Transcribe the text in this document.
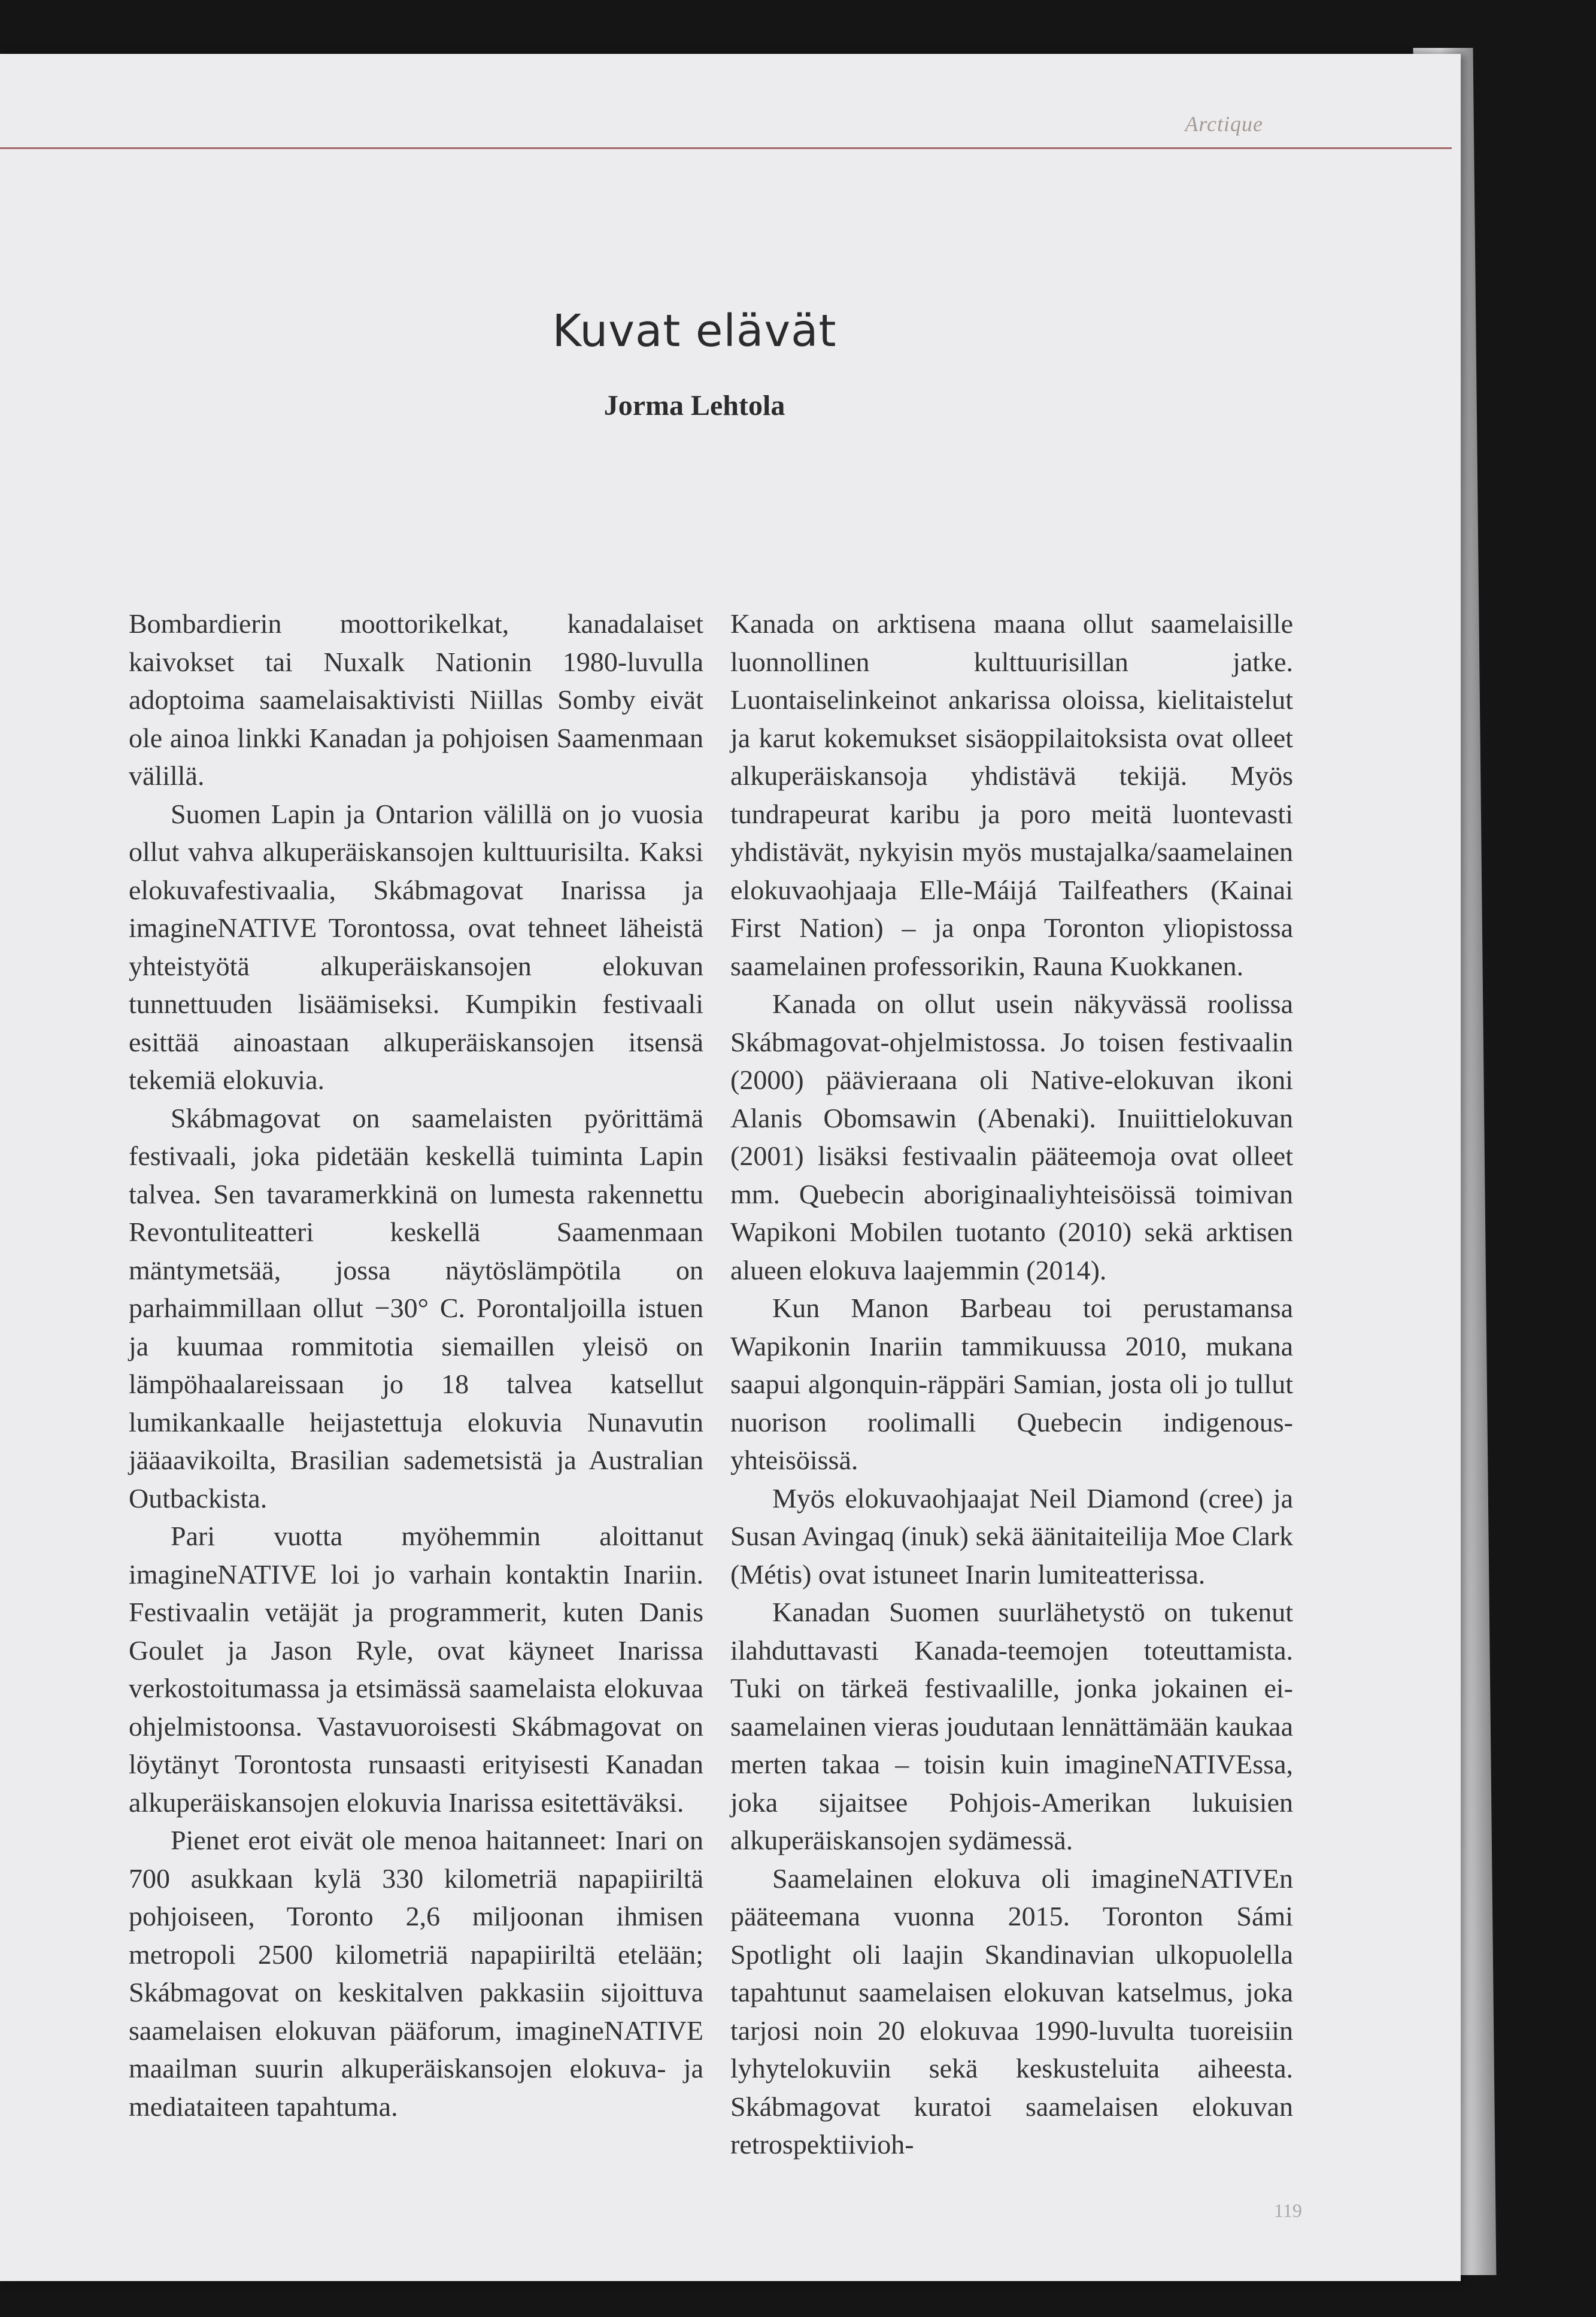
Arctique
Kuvat elävät
Jorma Lehtola

Bombardierin moottorikelkat, kanadalaiset kaivokset tai Nuxalk Nationin 1980-luvulla adoptoima saamelaisaktivisti Niillas Somby eivät ole ainoa linkki Kanadan ja pohjoisen Saamenmaan välillä.

Suomen Lapin ja Ontarion välillä on jo vuosia ollut vahva alkuperäiskansojen kulttuurisilta. Kaksi elokuvafestivaalia, Skábmagovat Inarissa ja imagineNATIVE Torontossa, ovat tehneet läheistä yhteistyötä alkuperäiskansojen elokuvan tunnettuuden lisäämiseksi. Kumpikin festivaali esittää ainoastaan alkuperäiskansojen itsensä tekemiä elokuvia.

Skábmagovat on saamelaisten pyörittämä festivaali, joka pidetään keskellä tuiminta Lapin talvea. Sen tavaramerkkinä on lumesta rakennettu Revontuliteatteri keskellä Saamenmaan mäntymetsää, jossa näytöslämpötila on parhaimmillaan ollut −30° C. Porontaljoilla istuen ja kuumaa rommitotia siemaillen yleisö on lämpöhaalareissaan jo 18 talvea katsellut lumikankaalle heijastettuja elokuvia Nunavutin jääaavikoilta, Brasilian sademetsistä ja Australian Outbackista.

Pari vuotta myöhemmin aloittanut imagineNATIVE loi jo varhain kontaktin Inariin. Festivaalin vetäjät ja programmerit, kuten Danis Goulet ja Jason Ryle, ovat käyneet Inarissa verkostoitumassa ja etsimässä saamelaista elokuvaa ohjelmistoonsa. Vastavuoroisesti Skábmagovat on löytänyt Torontosta runsaasti erityisesti Kanadan alkuperäiskansojen elokuvia Inarissa esitettäväksi.

Pienet erot eivät ole menoa haitanneet: Inari on 700 asukkaan kylä 330 kilometriä napapiiriltä pohjoiseen, Toronto 2,6 miljoonan ihmisen metropoli 2500 kilometriä napapiiriltä etelään; Skábmagovat on keskitalven pakkasiin sijoittuva saamelaisen elokuvan pääforum, imagineNATIVE maailman suurin alkuperäiskansojen elokuva- ja mediataiteen tapahtuma.

Kanada on arktisena maana ollut saamelaisille luonnollinen kulttuurisillan jatke. Luontaiselinkeinot ankarissa oloissa, kielitaistelut ja karut kokemukset sisäoppilaitoksista ovat olleet alkuperäiskansoja yhdistävä tekijä. Myös tundrapeurat karibu ja poro meitä luontevasti yhdistävät, nykyisin myös mustajalka/saamelainen elokuvaohjaaja Elle-Máijá Tailfeathers (Kainai First Nation) – ja onpa Toronton yliopistossa saamelainen professorikin, Rauna Kuokkanen.

Kanada on ollut usein näkyvässä roolissa Skábmagovat-ohjelmistossa. Jo toisen festivaalin (2000) päävieraana oli Native-elokuvan ikoni Alanis Obomsawin (Abenaki). Inuiittielokuvan (2001) lisäksi festivaalin pääteemoja ovat olleet mm. Quebecin aboriginaaliyhteisöissä toimivan Wapikoni Mobilen tuotanto (2010) sekä arktisen alueen elokuva laajemmin (2014).

Kun Manon Barbeau toi perustamansa Wapikonin Inariin tammikuussa 2010, mukana saapui algonquin-räppäri Samian, josta oli jo tullut nuorison roolimalli Quebecin indigenous-yhteisöissä.

Myös elokuvaohjaajat Neil Diamond (cree) ja Susan Avingaq (inuk) sekä äänitaiteilija Moe Clark (Métis) ovat istuneet Inarin lumiteatterissa.

Kanadan Suomen suurlähetystö on tukenut ilahduttavasti Kanada-teemojen toteuttamista. Tuki on tärkeä festivaalille, jonka jokainen ei-saamelainen vieras joudutaan lennättämään kaukaa merten takaa – toisin kuin imagineNATIVEssa, joka sijaitsee Pohjois-Amerikan lukuisien alkuperäiskansojen sydämessä.

Saamelainen elokuva oli imagineNATIVEn pääteemana vuonna 2015. Toronton Sámi Spotlight oli laajin Skandinavian ulkopuolella tapahtunut saamelaisen elokuvan katselmus, joka tarjosi noin 20 elokuvaa 1990-luvulta tuoreisiin lyhytelokuviin sekä keskusteluita aiheesta. Skábmagovat kuratoi saamelaisen elokuvan retrospektiivioh-

119
